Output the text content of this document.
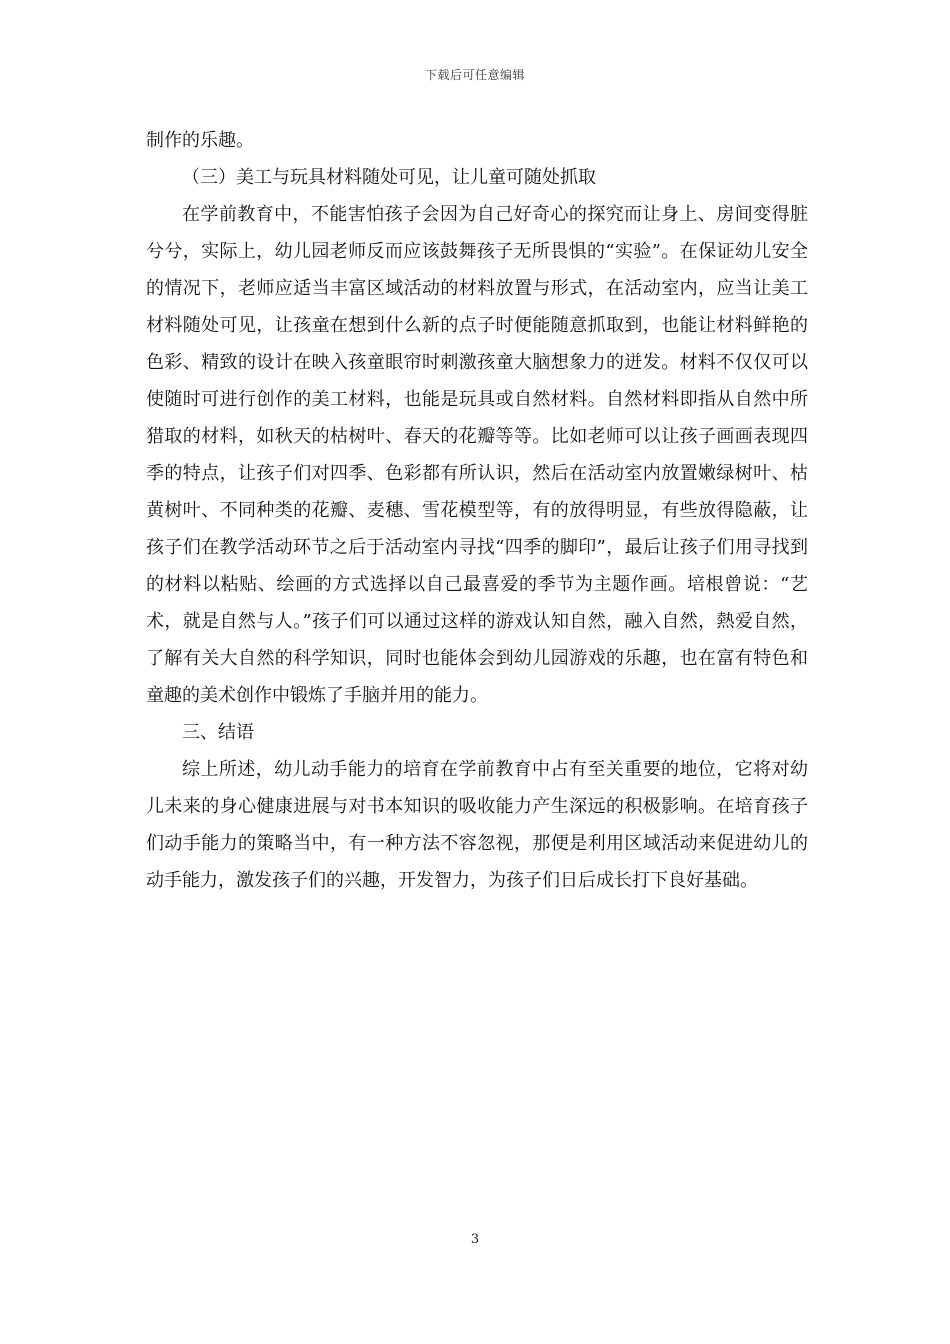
下载后可任意编辑

制作的乐趣。

（三）美工与玩具材料随处可见，让儿童可随处抓取

在学前教育中，不能害怕孩子会因为自己好奇心的探究而让身上、房间变得脏兮兮，实际上，幼儿园老师反而应该鼓舞孩子无所畏惧的“实验”。在保证幼儿安全的情况下，老师应适当丰富区域活动的材料放置与形式，在活动室内，应当让美工材料随处可见，让孩童在想到什么新的点子时便能随意抓取到，也能让材料鲜艳的色彩、精致的设计在映入孩童眼帘时刺激孩童大脑想象力的迸发。材料不仅仅可以使随时可进行创作的美工材料，也能是玩具或自然材料。自然材料即指从自然中所猎取的材料，如秋天的枯树叶、春天的花瓣等等。比如老师可以让孩子画画表现四季的特点，让孩子们对四季、色彩都有所认识，然后在活动室内放置嫩绿树叶、枯黄树叶、不同种类的花瓣、麦穗、雪花模型等，有的放得明显，有些放得隐蔽，让孩子们在教学活动环节之后于活动室内寻找“四季的脚印”，最后让孩子们用寻找到的材料以粘贴、绘画的方式选择以自己最喜爱的季节为主题作画。培根曾说：“艺术，就是自然与人。”孩子们可以通过这样的游戏认知自然，融入自然，熱爱自然，了解有关大自然的科学知识，同时也能体会到幼儿园游戏的乐趣，也在富有特色和童趣的美术创作中锻炼了手脑并用的能力。

三、结语

综上所述，幼儿动手能力的培育在学前教育中占有至关重要的地位，它将对幼儿未来的身心健康进展与对书本知识的吸收能力产生深远的积极影响。在培育孩子们动手能力的策略当中，有一种方法不容忽视，那便是利用区域活动来促进幼儿的动手能力，激发孩子们的兴趣，开发智力，为孩子们日后成长打下良好基础。

3
